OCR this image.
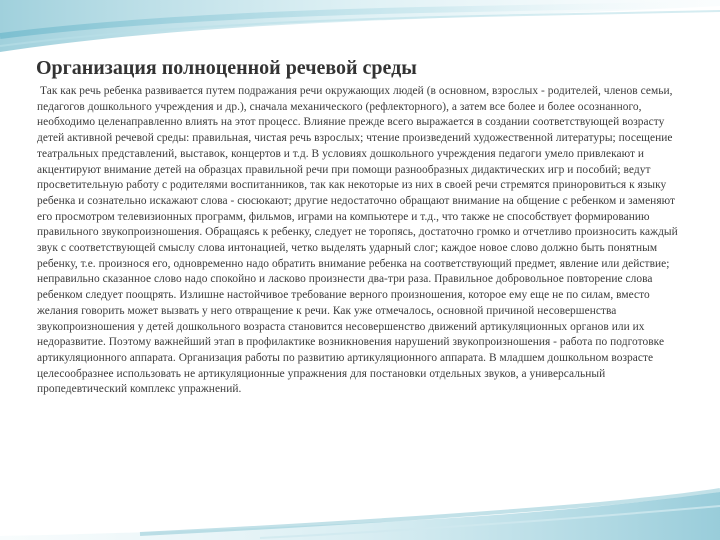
Организация полноценной речевой среды

Так как речь ребенка развивается путем подражания речи окружающих людей (в основном, взрослых - родителей, членов семьи, педагогов дошкольного учреждения и др.), сначала механического (рефлекторного), а затем все более и более осознанного, необходимо целенаправленно влиять на этот процесс. Влияние прежде всего выражается в создании соответствующей возрасту детей активной речевой среды: правильная, чистая речь взрослых; чтение произведений художественной литературы; посещение театральных представлений, выставок, концертов и т.д. В условиях дошкольного учреждения педагоги умело привлекают и акцентируют внимание детей на образцах правильной речи при помощи разнообразных дидактических игр и пособий; ведут просветительную работу с родителями воспитанников, так как некоторые из них в своей речи стремятся приноровиться к языку ребенка и сознательно искажают слова - сюсюкают; другие недостаточно обращают внимание на общение с ребенком и заменяют его просмотром телевизионных программ, фильмов, играми на компьютере и т.д., что также не способствует формированию правильного звукопроизношения. Обращаясь к ребенку, следует не торопясь, достаточно громко и отчетливо произносить каждый звук с соответствующей смыслу слова интонацией, четко выделять ударный слог; каждое новое слово должно быть понятным ребенку, т.е. произнося его, одновременно надо обратить внимание ребенка на соответствующий предмет, явление или действие; неправильно сказанное слово надо спокойно и ласково произнести два-три раза. Правильное добровольное повторение слова ребенком следует поощрять. Излишне настойчивое требование верного произношения, которое ему еще не по силам, вместо желания говорить может вызвать у него отвращение к речи. Как уже отмечалось, основной причиной несовершенства звукопроизношения у детей дошкольного возраста становится несовершенство движений артикуляционных органов или их недоразвитие. Поэтому важнейший этап в профилактике возникновения нарушений звукопроизношения - работа по подготовке артикуляционного аппарата. Организация работы по развитию артикуляционного аппарата. В младшем дошкольном возрасте целесообразнее использовать не артикуляционные упражнения для постановки отдельных звуков, а универсальный пропедевтический комплекс упражнений.
